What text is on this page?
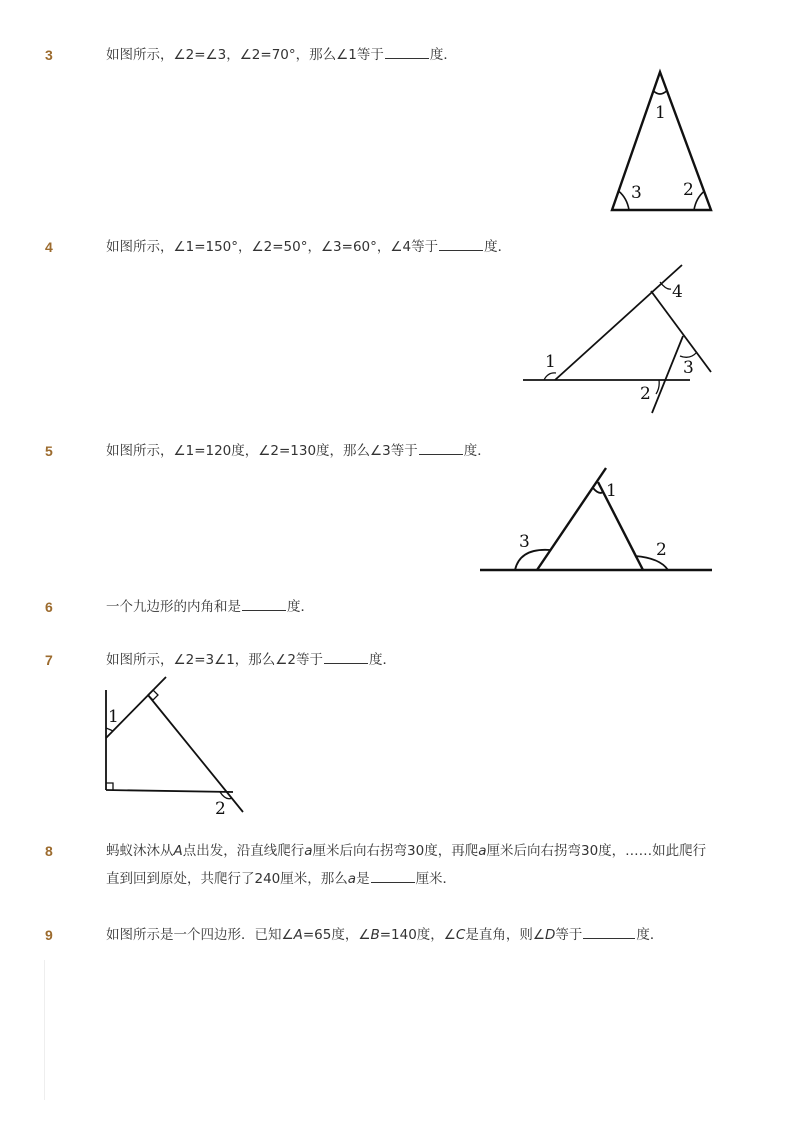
3	如图所示，∠2=∠3，∠2=70°，那么∠1等于	度．
1
3 2
4	如图所示，∠1=150°，∠2=50°，∠3=60°，∠4等于	度．
4
1	3
2
5	如图所示，∠1=120度，∠2=130度，那么∠3等于	度．
1
3	2
6	一个九边形的内角和是	度．
7	如图所示，∠2=3∠1，那么∠2等于	度．
1
2
8	蚂蚁沐沐从A点出发，沿直线爬行a厘米后向右拐弯30度，再爬a厘米后向右拐弯30度，……如此爬行直到回到原处，共爬行了240厘米，那么a是	厘米．
9	如图所示是一个四边形．已知∠A=65度，∠B=140度，∠C是直角，则∠D等于	度．
